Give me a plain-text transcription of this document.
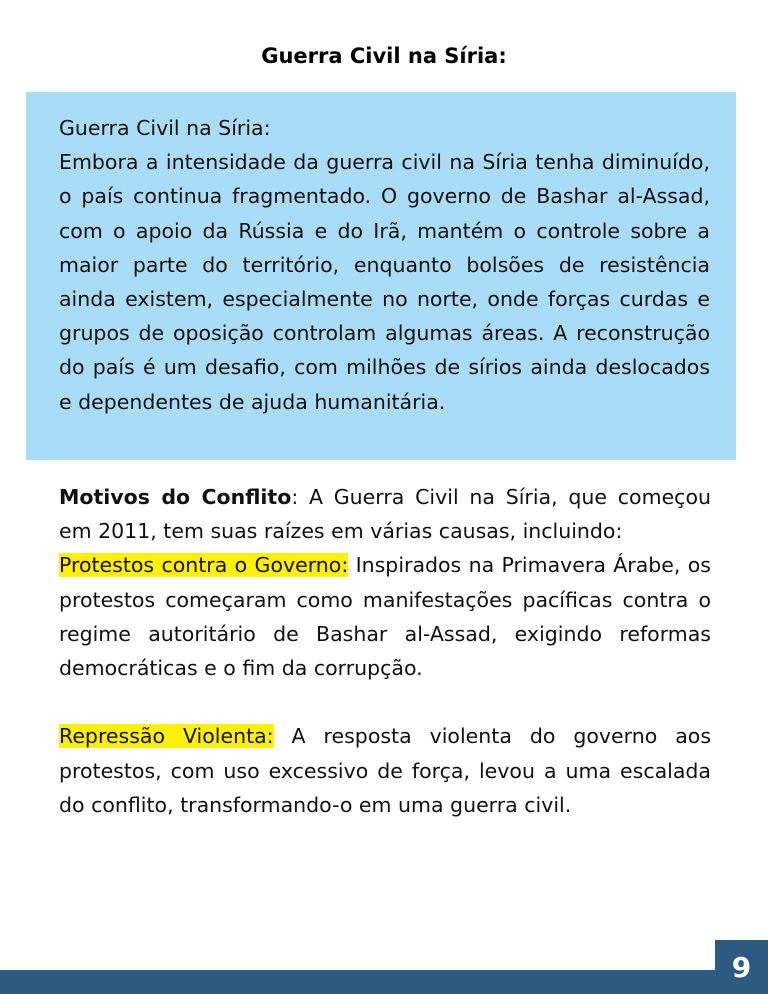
Guerra Civil na Síria:

Guerra Civil na Síria:

Embora a intensidade da guerra civil na Síria tenha diminuído, o país continua fragmentado. O governo de Bashar al-Assad, com o apoio da Rússia e do Irã, mantém o controle sobre a maior parte do território, enquanto bolsões de resistência ainda existem, especialmente no norte, onde forças curdas e grupos de oposição controlam algumas áreas. A reconstrução do país é um desafio, com milhões de sírios ainda deslocados e dependentes de ajuda humanitária.

Motivos do Conflito: A Guerra Civil na Síria, que começou em 2011, tem suas raízes em várias causas, incluindo:

Protestos contra o Governo: Inspirados na Primavera Árabe, os protestos começaram como manifestações pacíficas contra o regime autoritário de Bashar al-Assad, exigindo reformas democráticas e o fim da corrupção.

Repressão Violenta: A resposta violenta do governo aos protestos, com uso excessivo de força, levou a uma escalada do conflito, transformando-o em uma guerra civil.

9
